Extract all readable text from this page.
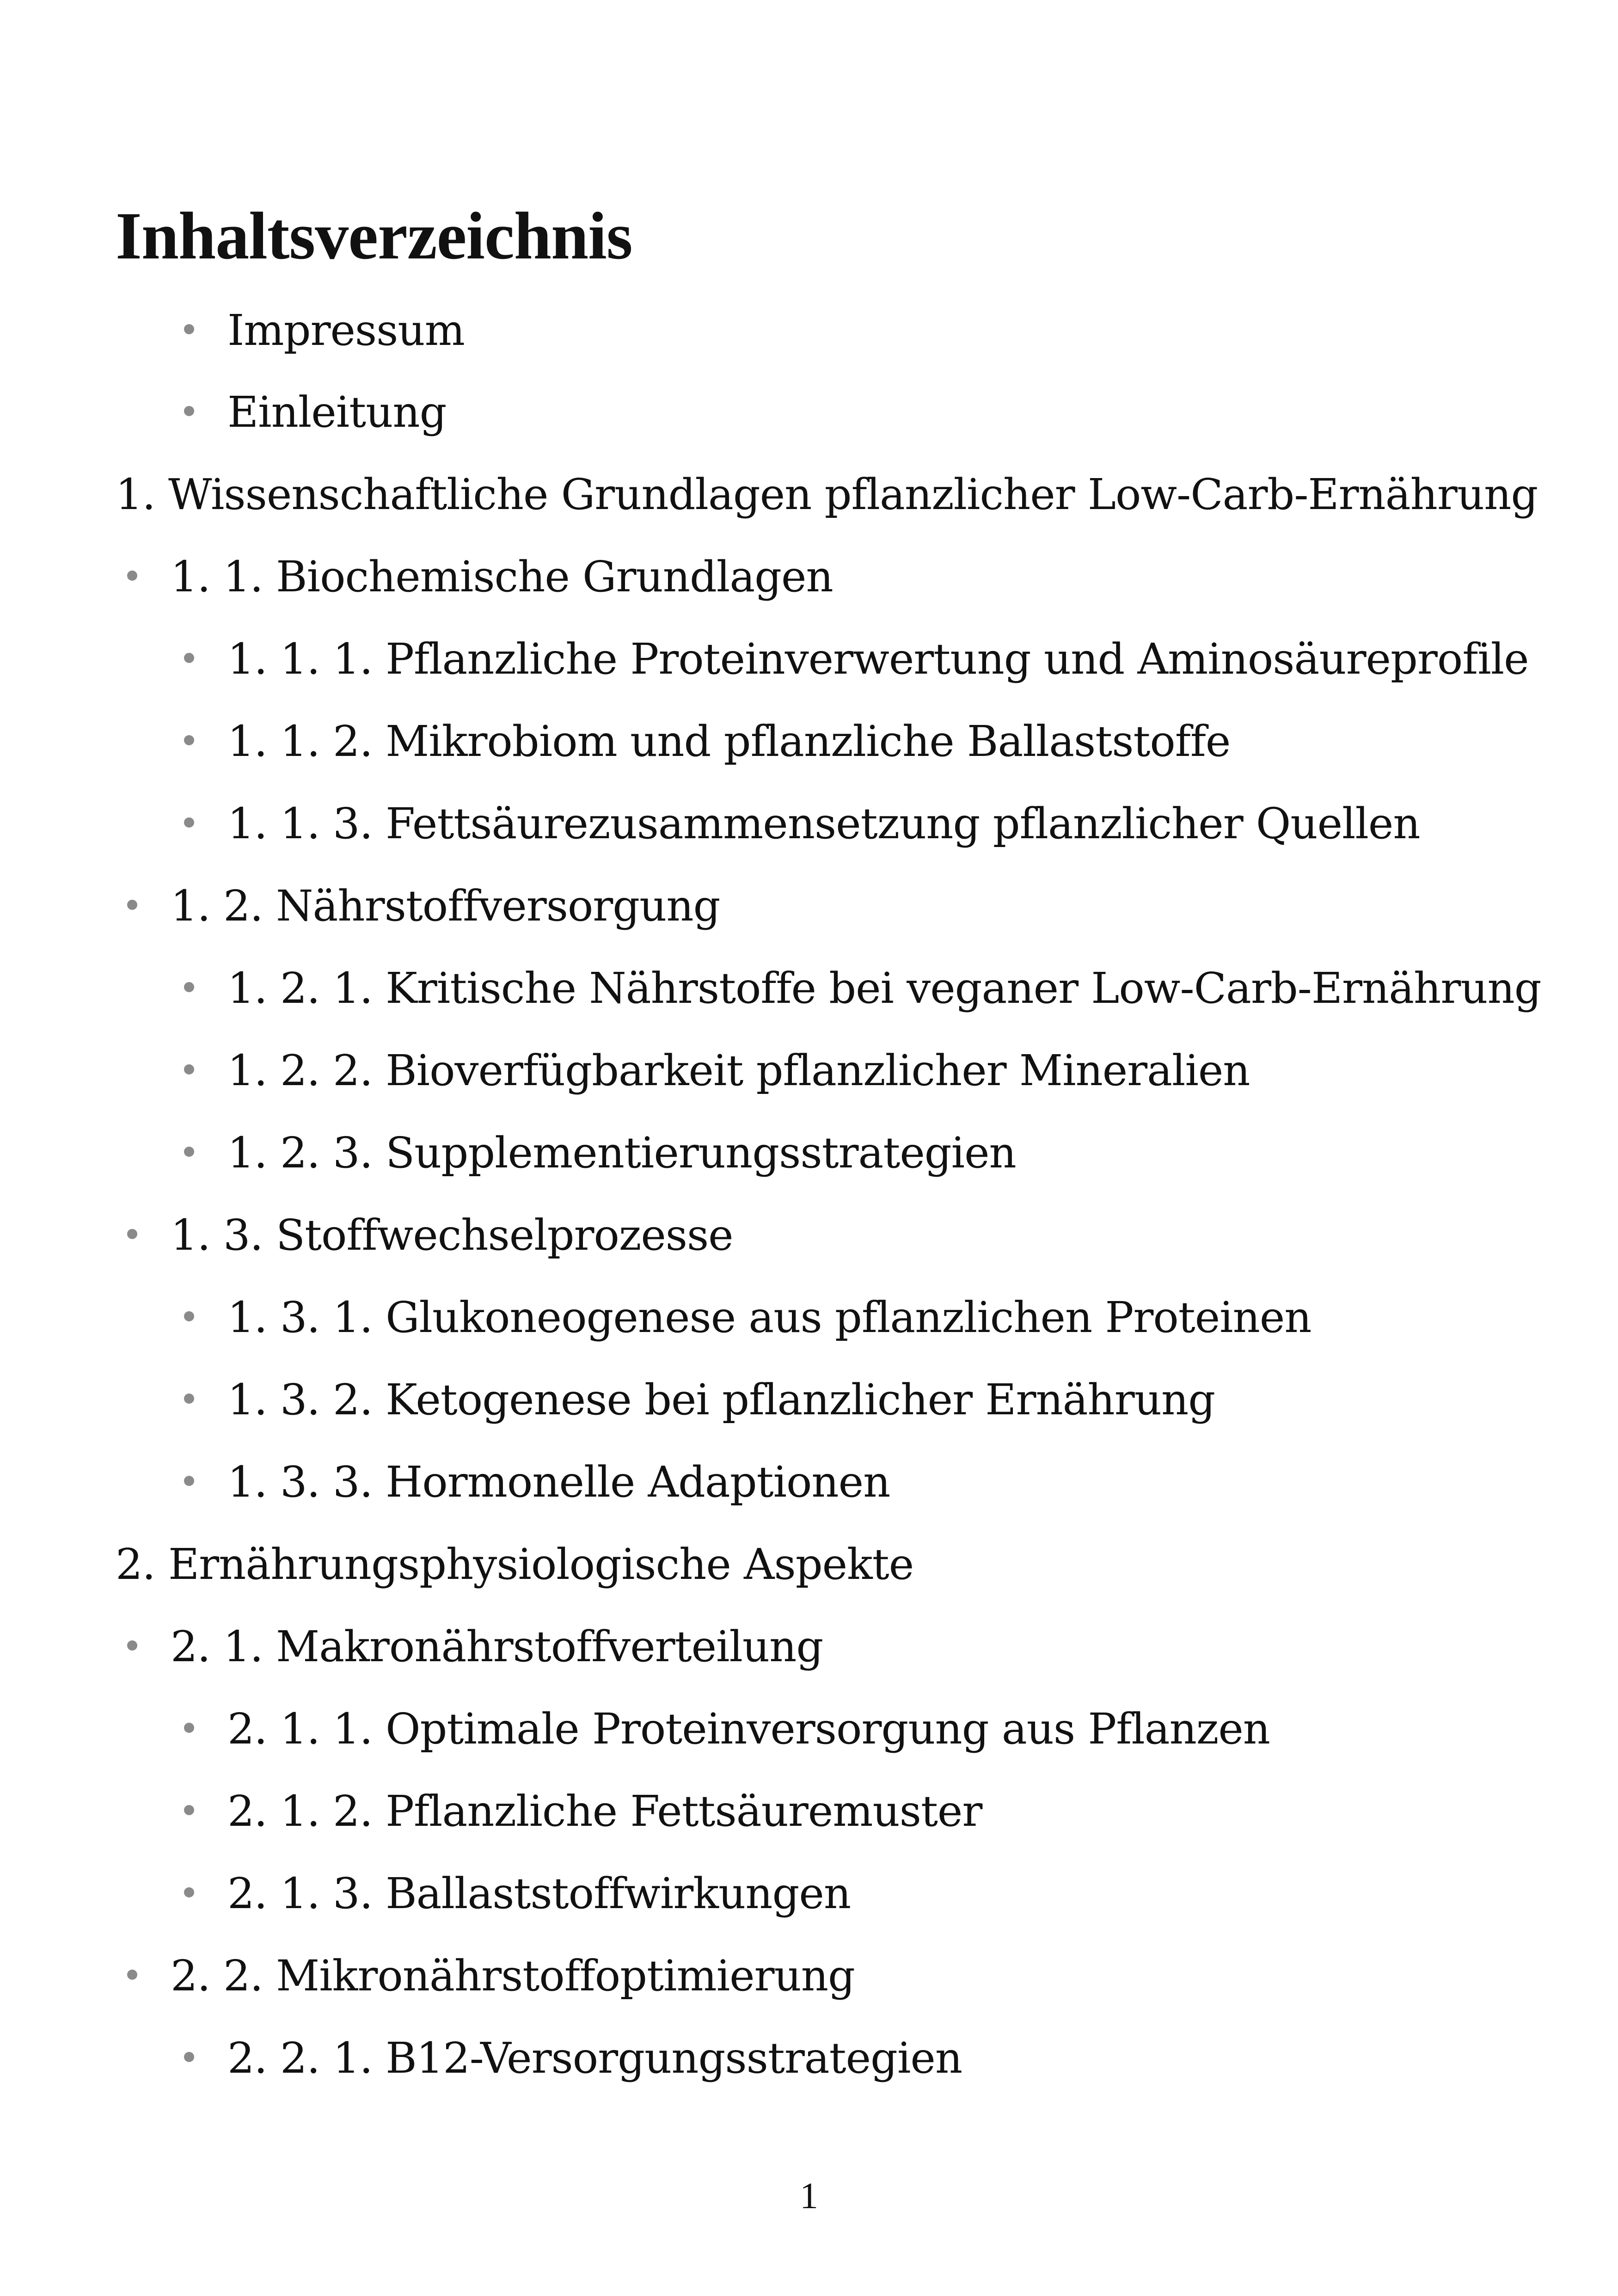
Inhaltsverzeichnis
Impressum
Einleitung
1. Wissenschaftliche Grundlagen pflanzlicher Low-Carb-Ernährung
1. 1. Biochemische Grundlagen
1. 1. 1. Pflanzliche Proteinverwertung und Aminosäureprofile
1. 1. 2. Mikrobiom und pflanzliche Ballaststoffe
1. 1. 3. Fettsäurezusammensetzung pflanzlicher Quellen
1. 2. Nährstoffversorgung
1. 2. 1. Kritische Nährstoffe bei veganer Low-Carb-Ernährung
1. 2. 2. Bioverfügbarkeit pflanzlicher Mineralien
1. 2. 3. Supplementierungsstrategien
1. 3. Stoffwechselprozesse
1. 3. 1. Glukoneogenese aus pflanzlichen Proteinen
1. 3. 2. Ketogenese bei pflanzlicher Ernährung
1. 3. 3. Hormonelle Adaptionen
2. Ernährungsphysiologische Aspekte
2. 1. Makronährstoffverteilung
2. 1. 1. Optimale Proteinversorgung aus Pflanzen
2. 1. 2. Pflanzliche Fettsäuremuster
2. 1. 3. Ballaststoffwirkungen
2. 2. Mikronährstoffoptimierung
2. 2. 1. B12-Versorgungsstrategien
1
